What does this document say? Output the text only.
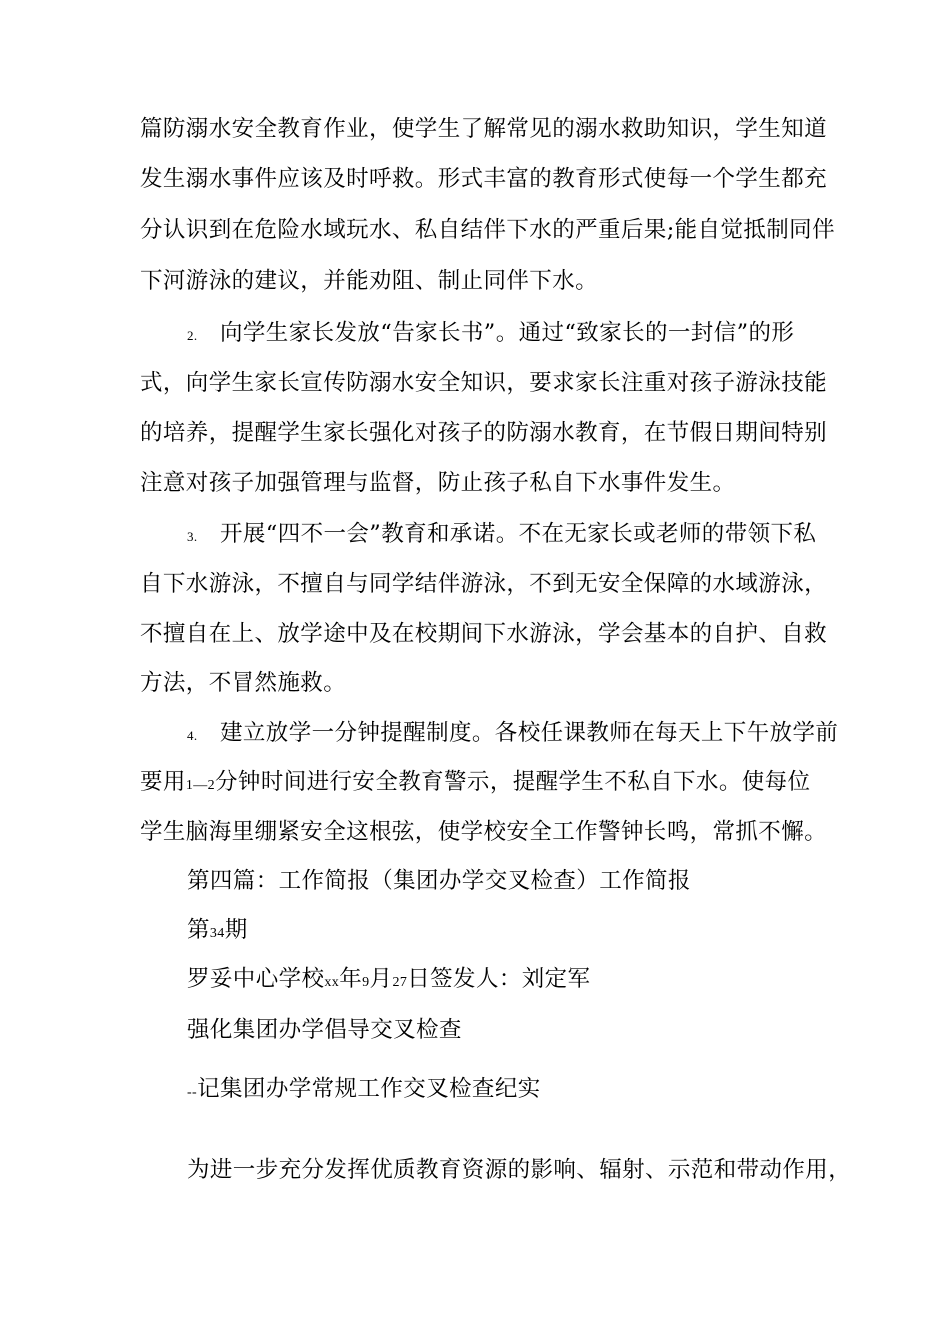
篇防溺水安全教育作业，使学生了解常见的溺水救助知识，学生知道
发生溺水事件应该及时呼救。形式丰富的教育形式使每一个学生都充
分认识到在危险水域玩水、私自结伴下水的严重后果;能自觉抵制同伴
下河游泳的建议，并能劝阻、制止同伴下水。
2. 向学生家长发放“告家长书”。通过“致家长的一封信”的形
式，向学生家长宣传防溺水安全知识，要求家长注重对孩子游泳技能
的培养，提醒学生家长强化对孩子的防溺水教育，在节假日期间特别
注意对孩子加强管理与监督，防止孩子私自下水事件发生。
3. 开展“四不一会”教育和承诺。不在无家长或老师的带领下私
自下水游泳，不擅自与同学结伴游泳，不到无安全保障的水域游泳，
不擅自在上、放学途中及在校期间下水游泳，学会基本的自护、自救
方法，不冒然施救。
4. 建立放学一分钟提醒制度。各校任课教师在每天上下午放学前
要用1—2分钟时间进行安全教育警示，提醒学生不私自下水。使每位
学生脑海里绷紧安全这根弦，使学校安全工作警钟长鸣，常抓不懈。
第四篇：工作简报（集团办学交叉检查）工作简报
第34期
罗妥中心学校xx年9月27日签发人：刘定军
强化集团办学倡导交叉检查
--记集团办学常规工作交叉检查纪实
为进一步充分发挥优质教育资源的影响、辐射、示范和带动作用，
